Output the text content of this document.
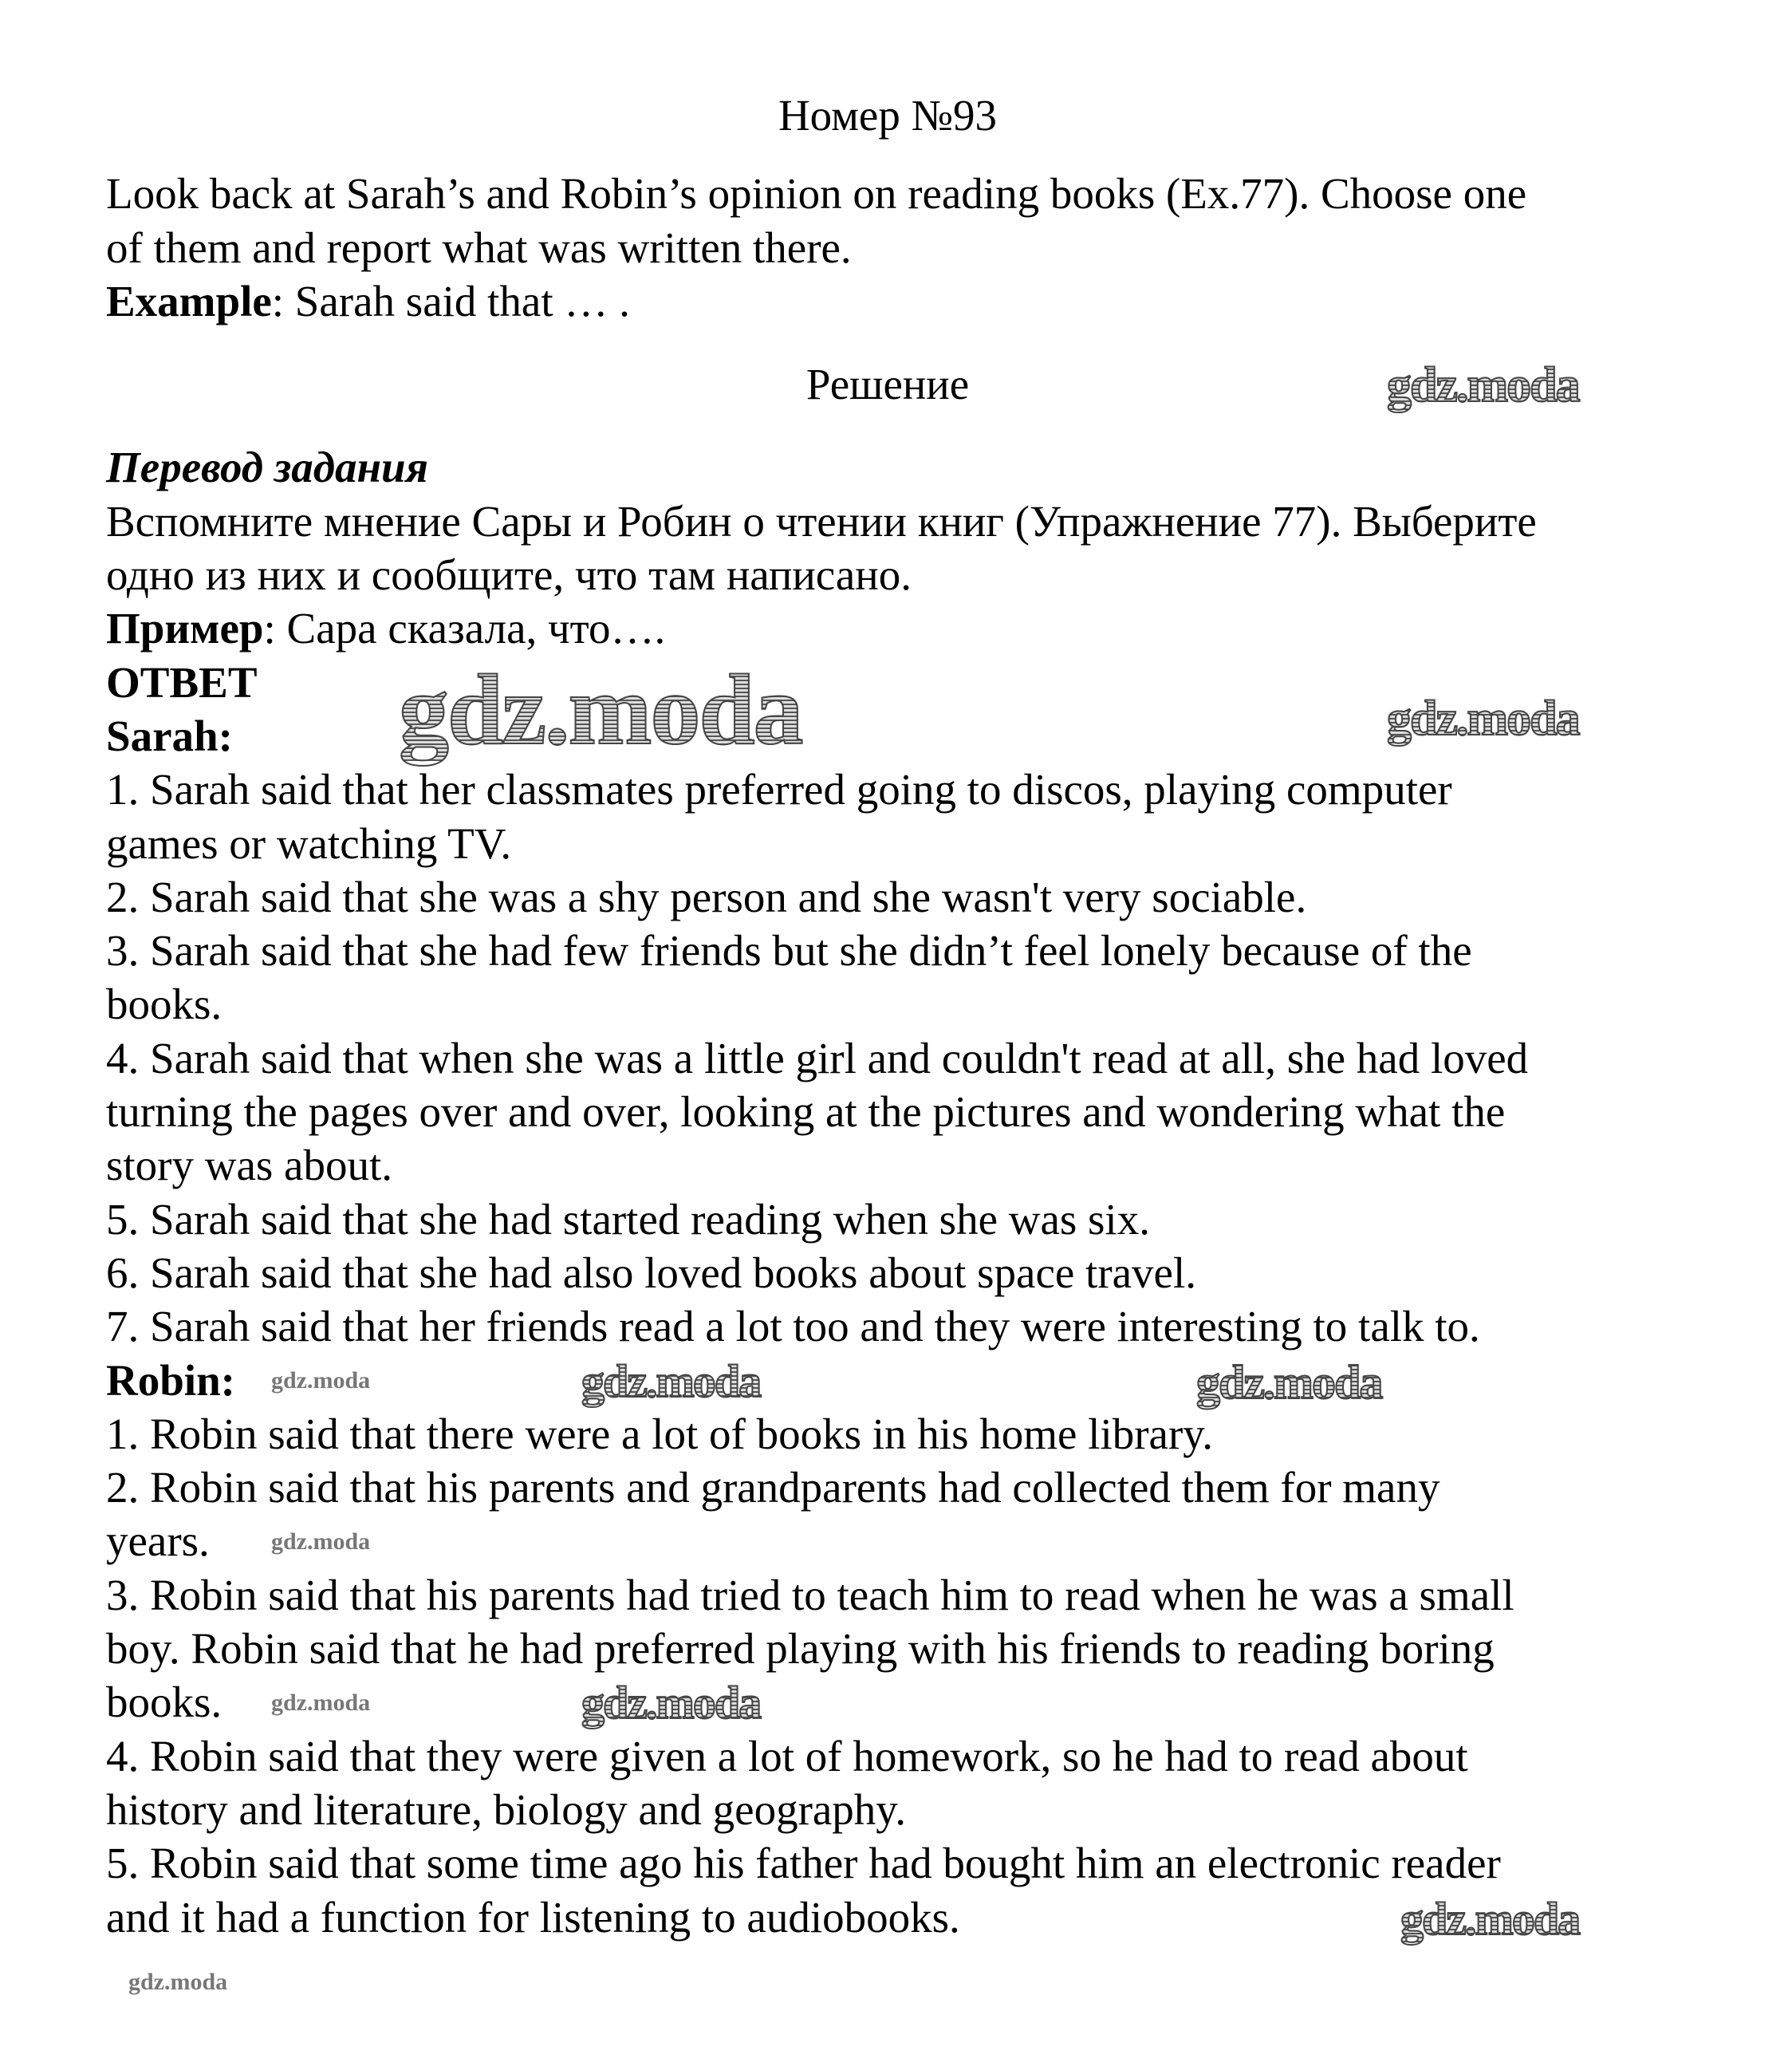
Номер №93
Look back at Sarah’s and Robin’s opinion on reading books (Ex.77). Choose one
of them and report what was written there.
Example: Sarah said that … .
Решение
Перевод задания
Вспомните мнение Сары и Робин о чтении книг (Упражнение 77). Выберите
одно из них и сообщите, что там написано.
Пример: Сара сказала, что….
ОТВЕТ
Sarah:
1. Sarah said that her classmates preferred going to discos, playing computer
games or watching TV.
2. Sarah said that she was a shy person and she wasn't very sociable.
3. Sarah said that she had few friends but she didn’t feel lonely because of the
books.
4. Sarah said that when she was a little girl and couldn't read at all, she had loved
turning the pages over and over, looking at the pictures and wondering what the
story was about.
5. Sarah said that she had started reading when she was six.
6. Sarah said that she had also loved books about space travel.
7. Sarah said that her friends read a lot too and they were interesting to talk to.
Robin:
1. Robin said that there were a lot of books in his home library.
2. Robin said that his parents and grandparents had collected them for many
years.
3. Robin said that his parents had tried to teach him to read when he was a small
boy. Robin said that he had preferred playing with his friends to reading boring
books.
4. Robin said that they were given a lot of homework, so he had to read about
history and literature, biology and geography.
5. Robin said that some time ago his father had bought him an electronic reader
and it had a function for listening to audiobooks.
gdz.moda
gdz.moda	gdz.moda
gdz.moda	gdz.moda
gdz.moda
gdz.moda
gdz.moda
gdz.moda
gdz.moda
gdz.moda
